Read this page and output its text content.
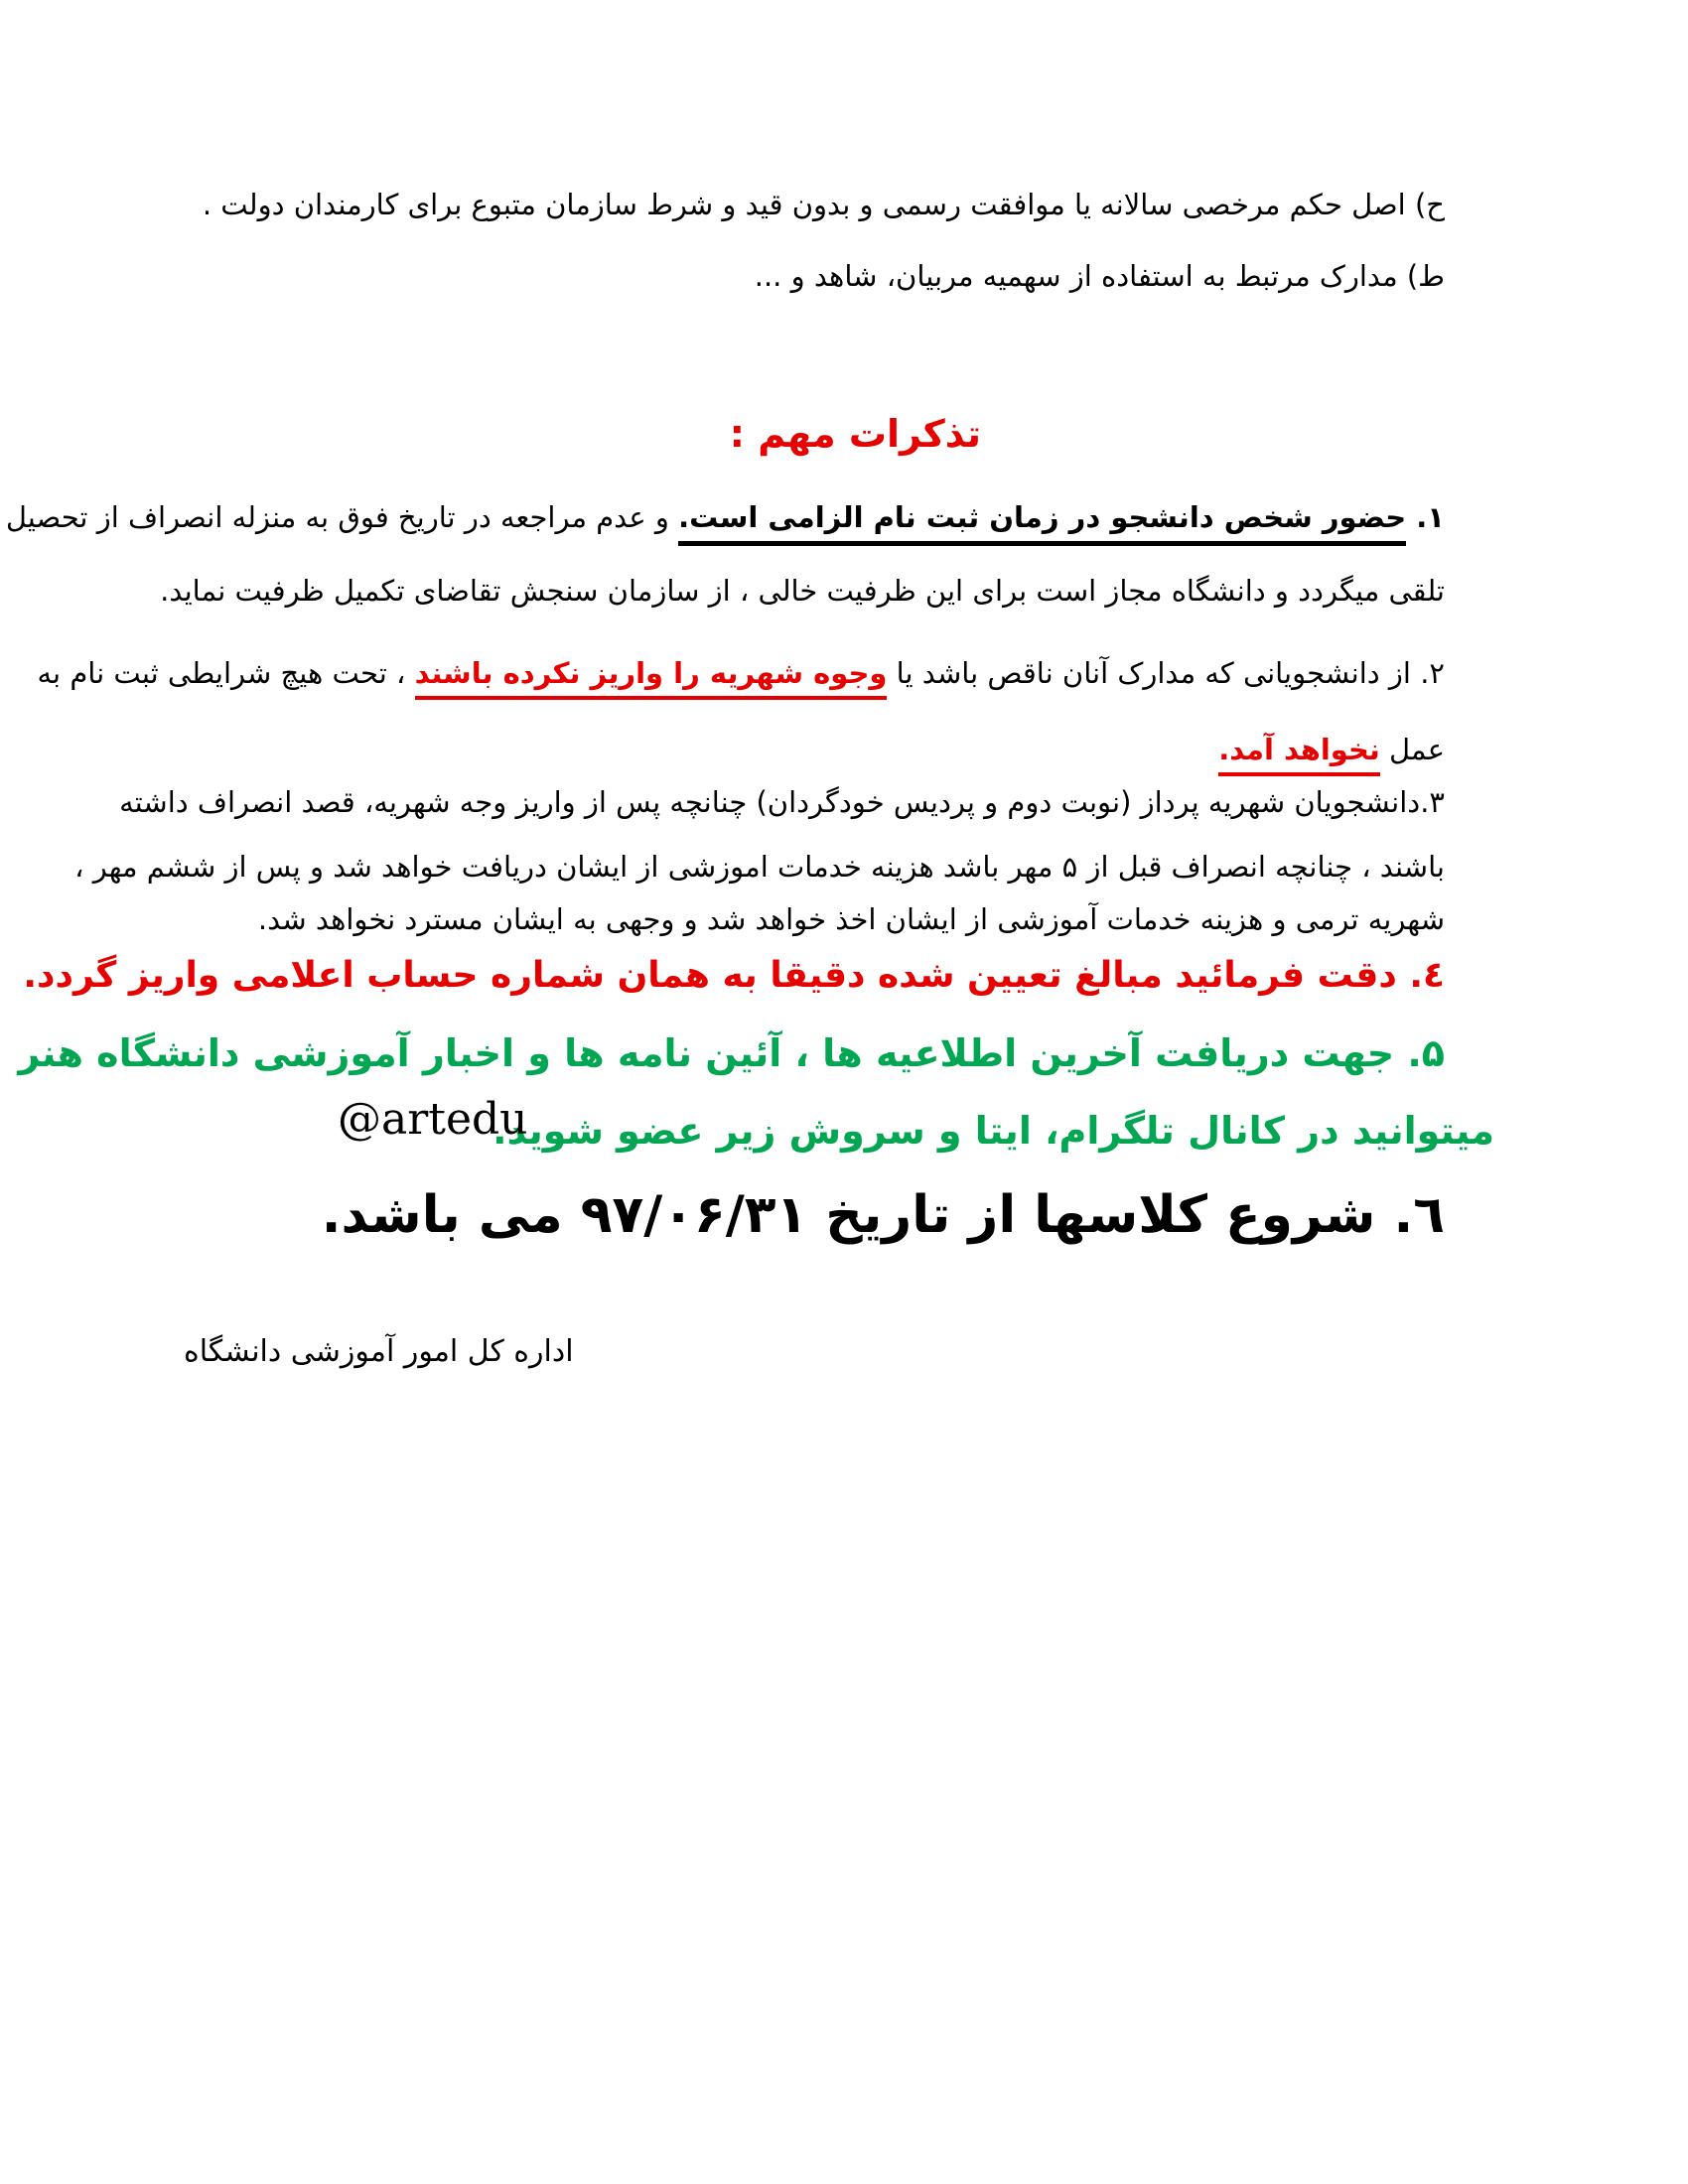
ح) اصل حکم مرخصی سالانه یا موافقت رسمی و بدون قید و شرط سازمان متبوع برای کارمندان دولت .

ط) مدارک مرتبط به استفاده از سهمیه مربیان، شاهد و ...

تذکرات مهم :

۱. حضور شخص دانشجو در زمان ثبت نام الزامی است. و عدم مراجعه در تاریخ فوق به منزله انصراف از تحصیل

تلقی میگردد و دانشگاه مجاز است برای این ظرفیت خالی ، از سازمان سنجش تقاضای تکمیل ظرفیت نماید.

۲. از دانشجویانی که مدارک آنان ناقص باشد یا وجوه شهریه را واریز نکرده باشند ، تحت هیچ شرایطی ثبت نام به

عمل نخواهد آمد.

۳.دانشجویان شهریه پرداز (نوبت دوم و پردیس خودگردان) چنانچه پس از واریز وجه شهریه، قصد انصراف داشته

باشند ، چنانچه انصراف قبل از ۵ مهر باشد هزینه خدمات اموزشی از ایشان دریافت خواهد شد و پس از ششم مهر ،

شهریه ترمی و هزینه خدمات آموزشی از ایشان اخذ خواهد شد و وجهی به ایشان مسترد نخواهد شد.

٤. دقت فرمائید مبالغ تعیین شده دقیقا به همان شماره حساب اعلامی واریز گردد.

۵. جهت دریافت آخرین اطلاعیه ها ، آئین نامه ها و اخبار آموزشی دانشگاه هنر

میتوانید در کانال تلگرام، ایتا و سروش زیر عضو شوید.

@artedu

٦. شروع کلاسها از تاریخ ۹۷/۰۶/۳۱ می باشد.

اداره کل امور آموزشی دانشگاه
